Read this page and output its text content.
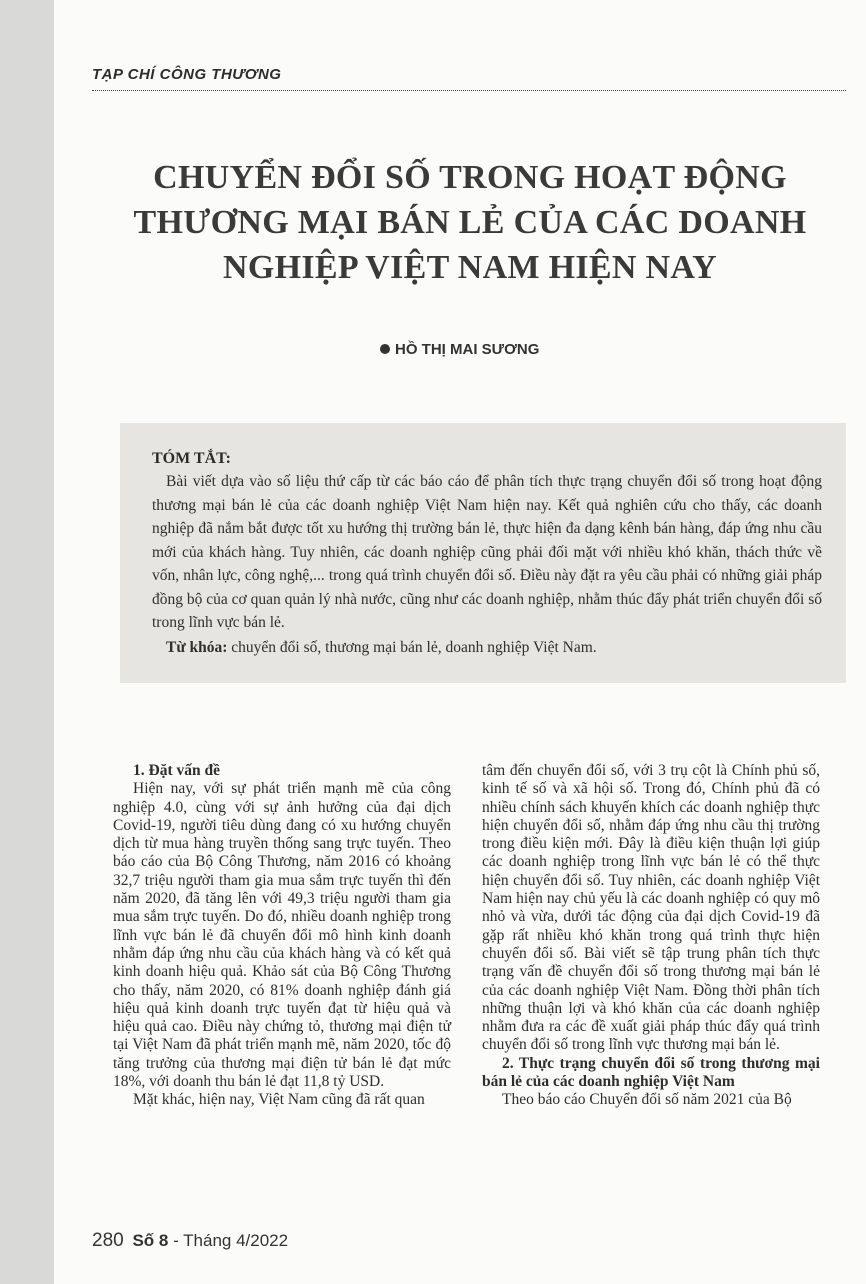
TẠP CHÍ CÔNG THƯƠNG
CHUYỂN ĐỔI SỐ TRONG HOẠT ĐỘNG THƯƠNG MẠI BÁN LẺ CỦA CÁC DOANH NGHIỆP VIỆT NAM HIỆN NAY
HỒ THỊ MAI SƯƠNG
TÓM TẮT:
Bài viết dựa vào số liệu thứ cấp từ các báo cáo để phân tích thực trạng chuyển đổi số trong hoạt động thương mại bán lẻ của các doanh nghiệp Việt Nam hiện nay. Kết quả nghiên cứu cho thấy, các doanh nghiệp đã nắm bắt được tốt xu hướng thị trường bán lẻ, thực hiện đa dạng kênh bán hàng, đáp ứng nhu cầu mới của khách hàng. Tuy nhiên, các doanh nghiệp cũng phải đối mặt với nhiều khó khăn, thách thức về vốn, nhân lực, công nghệ,... trong quá trình chuyển đổi số. Điều này đặt ra yêu cầu phải có những giải pháp đồng bộ của cơ quan quản lý nhà nước, cũng như các doanh nghiệp, nhằm thúc đẩy phát triển chuyển đổi số trong lĩnh vực bán lẻ.
Từ khóa: chuyển đổi số, thương mại bán lẻ, doanh nghiệp Việt Nam.
1. Đặt vấn đề

Hiện nay, với sự phát triển mạnh mẽ của công nghiệp 4.0, cùng với sự ảnh hưởng của đại dịch Covid-19, người tiêu dùng đang có xu hướng chuyển dịch từ mua hàng truyền thống sang trực tuyến. Theo báo cáo của Bộ Công Thương, năm 2016 có khoảng 32,7 triệu người tham gia mua sắm trực tuyến thì đến năm 2020, đã tăng lên với 49,3 triệu người tham gia mua sắm trực tuyến. Do đó, nhiều doanh nghiệp trong lĩnh vực bán lẻ đã chuyển đổi mô hình kinh doanh nhằm đáp ứng nhu cầu của khách hàng và có kết quả kinh doanh hiệu quả. Khảo sát của Bộ Công Thương cho thấy, năm 2020, có 81% doanh nghiệp đánh giá hiệu quả kinh doanh trực tuyến đạt từ hiệu quả và hiệu quả cao. Điều này chứng tỏ, thương mại điện tử tại Việt Nam đã phát triển mạnh mẽ, năm 2020, tốc độ tăng trưởng của thương mại điện tử bán lẻ đạt mức 18%, với doanh thu bán lẻ đạt 11,8 tỷ USD.

Mặt khác, hiện nay, Việt Nam cũng đã rất quan

tâm đến chuyển đổi số, với 3 trụ cột là Chính phủ số, kinh tế số và xã hội số. Trong đó, Chính phủ đã có nhiều chính sách khuyến khích các doanh nghiệp thực hiện chuyển đổi số, nhằm đáp ứng nhu cầu thị trường trong điều kiện mới. Đây là điều kiện thuận lợi giúp các doanh nghiệp trong lĩnh vực bán lẻ có thể thực hiện chuyển đổi số. Tuy nhiên, các doanh nghiệp Việt Nam hiện nay chủ yếu là các doanh nghiệp có quy mô nhỏ và vừa, dưới tác động của đại dịch Covid-19 đã gặp rất nhiều khó khăn trong quá trình thực hiện chuyển đổi số. Bài viết sẽ tập trung phân tích thực trạng vấn đề chuyển đổi số trong thương mại bán lẻ của các doanh nghiệp Việt Nam. Đồng thời phân tích những thuận lợi và khó khăn của các doanh nghiệp nhằm đưa ra các đề xuất giải pháp thúc đẩy quá trình chuyển đổi số trong lĩnh vực thương mại bán lẻ.

2. Thực trạng chuyển đổi số trong thương mại bán lẻ của các doanh nghiệp Việt Nam

Theo báo cáo Chuyển đổi số năm 2021 của Bộ

280 Số 8 - Tháng 4/2022
